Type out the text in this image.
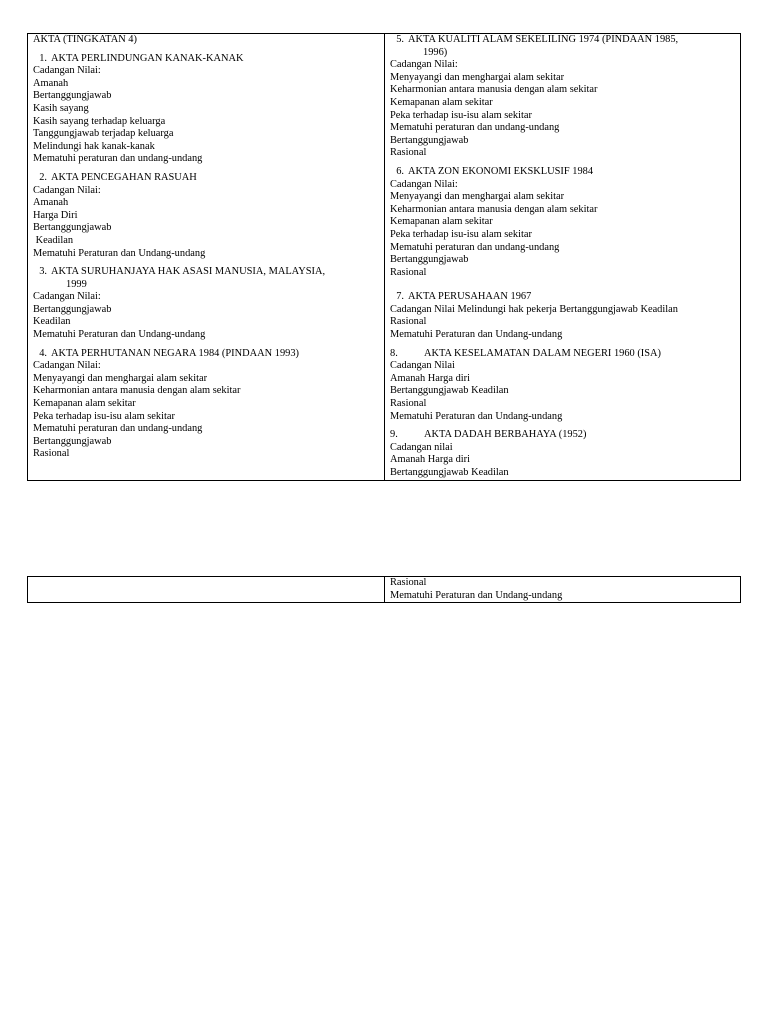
AKTA (TINGKATAN 4)
1. AKTA PERLINDUNGAN KANAK-KANAK
Cadangan Nilai:
Amanah
Bertanggungjawab
Kasih sayang
Kasih sayang terhadap keluarga
Tanggungjawab terjadap keluarga
Melindungi hak kanak-kanak
Mematuhi peraturan dan undang-undang
2. AKTA PENCEGAHAN RASUAH
Cadangan Nilai:
Amanah
Harga Diri
Bertanggungjawab
Keadilan
Mematuhi Peraturan dan Undang-undang
3. AKTA SURUHANJAYA HAK ASASI MANUSIA, MALAYSIA,
1999
Cadangan Nilai:
Bertanggungjawab
Keadilan
Mematuhi Peraturan dan Undang-undang
4. AKTA PERHUTANAN NEGARA 1984 (PINDAAN 1993)
Cadangan Nilai:
Menyayangi dan menghargai alam sekitar
Keharmonian antara manusia dengan alam sekitar
Kemapanan alam sekitar
Peka terhadap isu-isu alam sekitar
Mematuhi peraturan dan undang-undang
Bertanggungjawab
Rasional

5. AKTA KUALITI ALAM SEKELILING 1974 (PINDAAN 1985,
1996)
Cadangan Nilai:
Menyayangi dan menghargai alam sekitar
Keharmonian antara manusia dengan alam sekitar
Kemapanan alam sekitar
Peka terhadap isu-isu alam sekitar
Mematuhi peraturan dan undang-undang
Bertanggungjawab
Rasional
6. AKTA ZON EKONOMI EKSKLUSIF 1984
Cadangan Nilai:
Menyayangi dan menghargai alam sekitar
Keharmonian antara manusia dengan alam sekitar
Kemapanan alam sekitar
Peka terhadap isu-isu alam sekitar
Mematuhi peraturan dan undang-undang
Bertanggungjawab
Rasional
7. AKTA PERUSAHAAN 1967
Cadangan Nilai Melindungi hak pekerja Bertanggungjawab Keadilan
Rasional
Mematuhi Peraturan dan Undang-undang
8.	AKTA KESELAMATAN DALAM NEGERI 1960 (ISA)
Cadangan Nilai
Amanah Harga diri
Bertanggungjawab Keadilan
Rasional
Mematuhi Peraturan dan Undang-undang
9.	AKTA DADAH BERBAHAYA (1952)
Cadangan nilai
Amanah Harga diri
Bertanggungjawab Keadilan

Rasional
Mematuhi Peraturan dan Undang-undang
